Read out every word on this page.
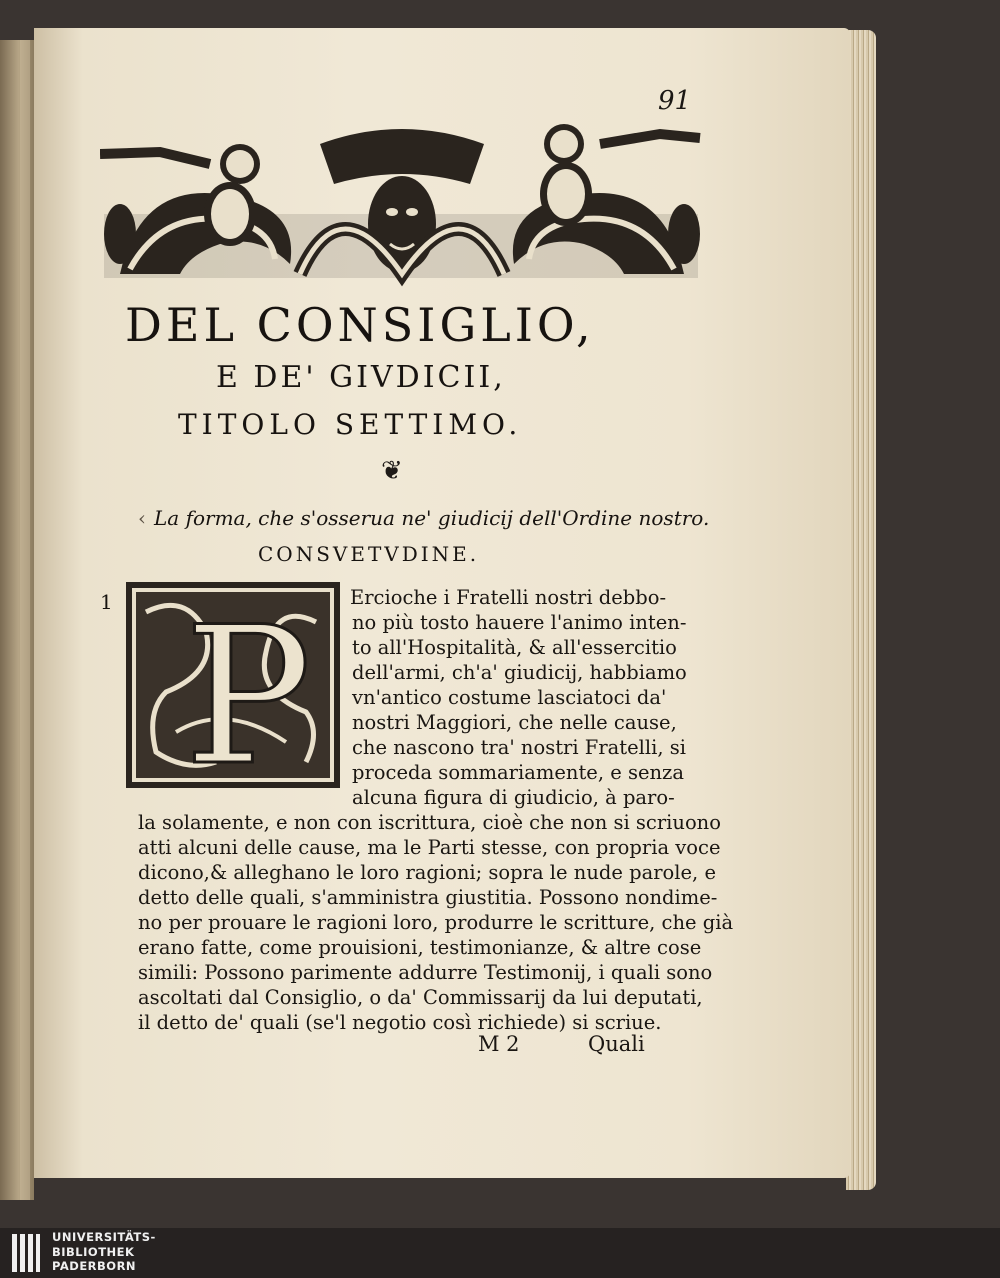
91
DEL CONSIGLIO,
E DE' GIVDICII,
TITOLO SETTIMO.
❦
‹ La forma, che s'osserua ne' giudicij dell'Ordine nostro.
CONSVETVDINE.
1 P Ercioche i Fratelli nostri debbo-
no più tosto hauere l'animo inten-
to all'Hospitalità, & all'essercitio
dell'armi, ch'a' giudicij, habbiamo
vn'antico costume lasciatoci da'
nostri Maggiori, che nelle cause,
che nascono tra' nostri Fratelli, si
proceda sommariamente, e senza
alcuna figura di giudicio, à paro-
la solamente, e non con iscrittura, cioè che non si scriuono
atti alcuni delle cause, ma le Parti stesse, con propria voce
dicono,& alleghano le loro ragioni; sopra le nude parole, e
detto delle quali, s'amministra giustitia. Possono nondime-
no per prouare le ragioni loro, produrre le scritture, che già
erano fatte, come prouisioni, testimonianze, & altre cose
simili: Possono parimente addurre Testimonij, i quali sono
ascoltati dal Consiglio, o da' Commissarij da lui deputati,
il detto de' quali (se'l negotio così richiede) si scriue.
M 2	Quali
UNIVERSITÄTS-
BIBLIOTHEK
PADERBORN
